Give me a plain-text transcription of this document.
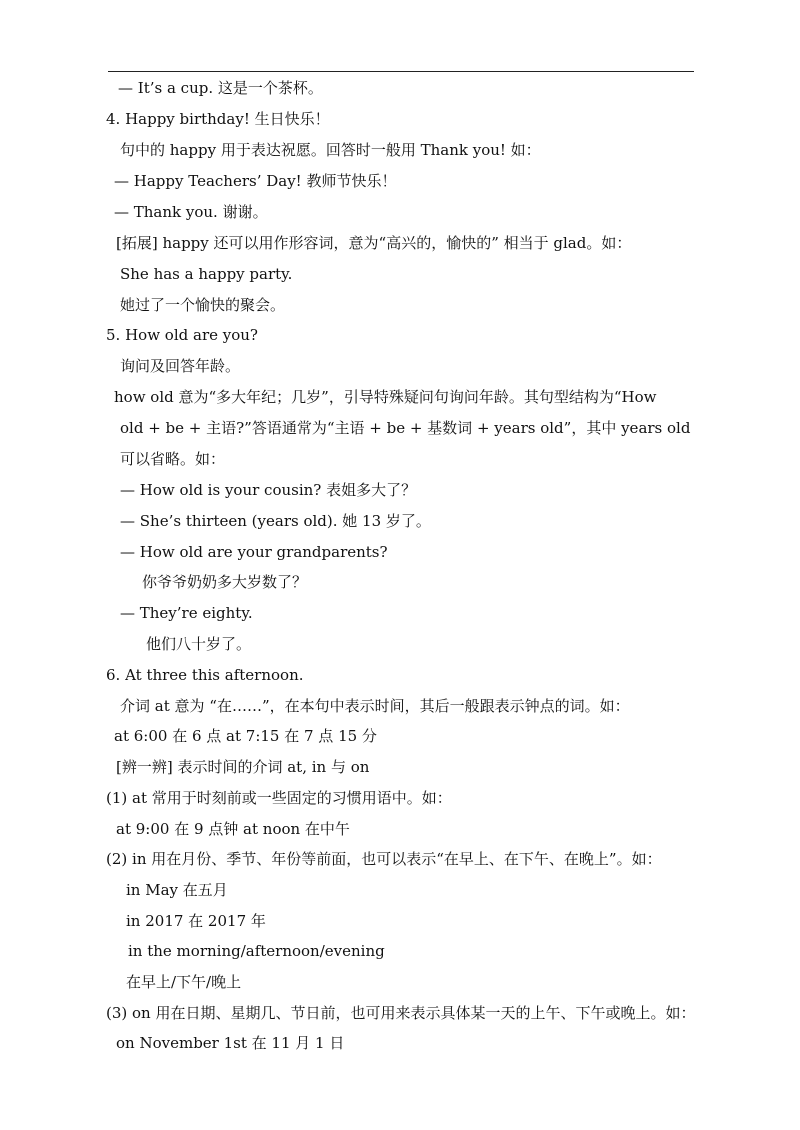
— It’s a cup. 这是一个茶杯。
4. Happy birthday! 生日快乐！
句中的 happy 用于表达祝愿。回答时一般用 Thank you! 如：
— Happy Teachers’ Day! 教师节快乐！
— Thank you. 谢谢。
[拓展] happy 还可以用作形容词，意为“高兴的，愉快的” 相当于 glad。如：
She has a happy party.
她过了一个愉快的聚会。
5. How old are you?
询问及回答年龄。
how old 意为“多大年纪；几岁”，引导特殊疑问句询问年龄。其句型结构为“How
old + be + 主语?”答语通常为“主语 + be + 基数词 + years old”，其中 years old
可以省略。如：
— How old is your cousin? 表姐多大了？
— She’s thirteen (years old). 她 13 岁了。
— How old are your grandparents?
你爷爷奶奶多大岁数了？
— They’re eighty.
他们八十岁了。
6. At three this afternoon.
介词 at 意为 “在……”，在本句中表示时间，其后一般跟表示钟点的词。如：
at 6:00 在 6 点 at 7:15 在 7 点 15 分
[辨一辨] 表示时间的介词 at, in 与 on
(1) at 常用于时刻前或一些固定的习惯用语中。如：
at 9:00 在 9 点钟 at noon 在中午
(2) in 用在月份、季节、年份等前面，也可以表示“在早上、在下午、在晚上”。如：
in May 在五月
in 2017 在 2017 年
in the morning/afternoon/evening
在早上/下午/晚上
(3) on 用在日期、星期几、节日前，也可用来表示具体某一天的上午、下午或晚上。如：
on November 1st 在 11 月 1 日
